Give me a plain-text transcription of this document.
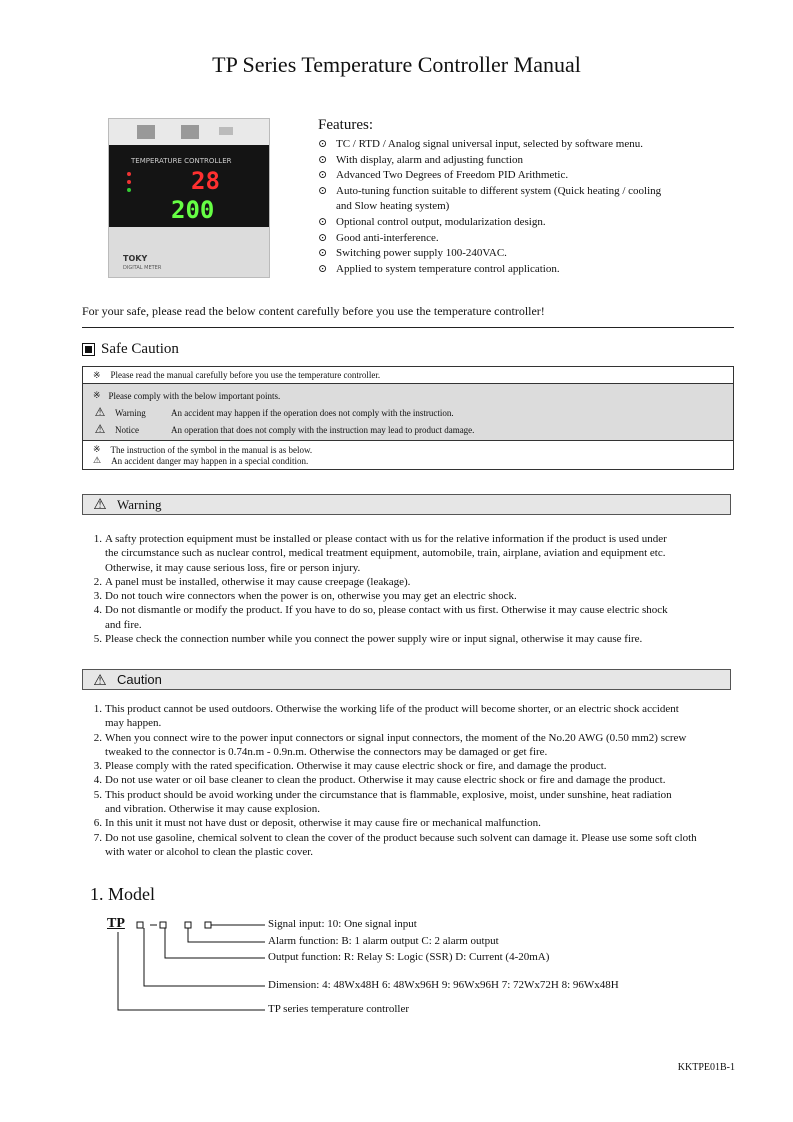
TP Series Temperature Controller Manual
TEMPERATURE CONTROLLER
28
200
TOKY
DIGITAL METER
Features:
⊙ TC / RTD / Analog signal universal input, selected by software menu.
⊙ With display, alarm and adjusting function
⊙ Advanced Two Degrees of Freedom PID Arithmetic.
⊙ Auto-tuning function suitable to different system (Quick heating / cooling
and Slow heating system)
⊙ Optional control output, modularization design.
⊙ Good anti-interference.
⊙ Switching power supply 100-240VAC.
⊙ Applied to system temperature control application.
For your safe, please read the below content carefully before you use the temperature controller!
Safe Caution
※ Please read the manual carefully before you use the temperature controller.
※ Please comply with the below important points.
⚠ Warning	An accident may happen if the operation does not comply with the instruction.
⚠ Notice	An operation that does not comply with the instruction may lead to product damage.
※ The instruction of the symbol in the manual is as below.
⚠ An accident danger may happen in a special condition.
⚠ Warning
1. A safty protection equipment must be installed or please contact with us for the relative information if the product is used under
the circumstance such as nuclear control, medical treatment equipment, automobile, train, airplane, aviation and equipment etc.
Otherwise, it may cause serious loss, fire or person injury.
2. A panel must be installed, otherwise it may cause creepage (leakage).
3. Do not touch wire connectors when the power is on, otherwise you may get an electric shock.
4. Do not dismantle or modify the product. If you have to do so, please contact with us first. Otherwise it may cause electric shock
and fire.
5. Please check the connection number while you connect the power supply wire or input signal, otherwise it may cause fire.
⚠ Caution
1. This product cannot be used outdoors. Otherwise the working life of the product will become shorter, or an electric shock accident
may happen.
2. When you connect wire to the power input connectors or signal input connectors, the moment of the No.20 AWG (0.50 mm2) screw
tweaked to the connector is 0.74n.m - 0.9n.m. Otherwise the connectors may be damaged or get fire.
3. Please comply with the rated specification. Otherwise it may cause electric shock or fire, and damage the product.
4. Do not use water or oil base cleaner to clean the product. Otherwise it may cause electric shock or fire and damage the product.
5. This product should be avoid working under the circumstance that is flammable, explosive, moist, under sunshine, heat radiation
and vibration. Otherwise it may cause explosion.
6. In this unit it must not have dust or deposit, otherwise it may cause fire or mechanical malfunction.
7. Do not use gasoline, chemical solvent to clean the cover of the product because such solvent can damage it. Please use some soft cloth
with water or alcohol to clean the plastic cover.
1. Model
TP	Signal input: 10: One signal input
Alarm function: B: 1 alarm output C: 2 alarm output
Output function: R: Relay S: Logic (SSR) D: Current (4-20mA)
Dimension: 4: 48Wx48H 6: 48Wx96H 9: 96Wx96H 7: 72Wx72H 8: 96Wx48H
TP series temperature controller
KKTPE01B-1
